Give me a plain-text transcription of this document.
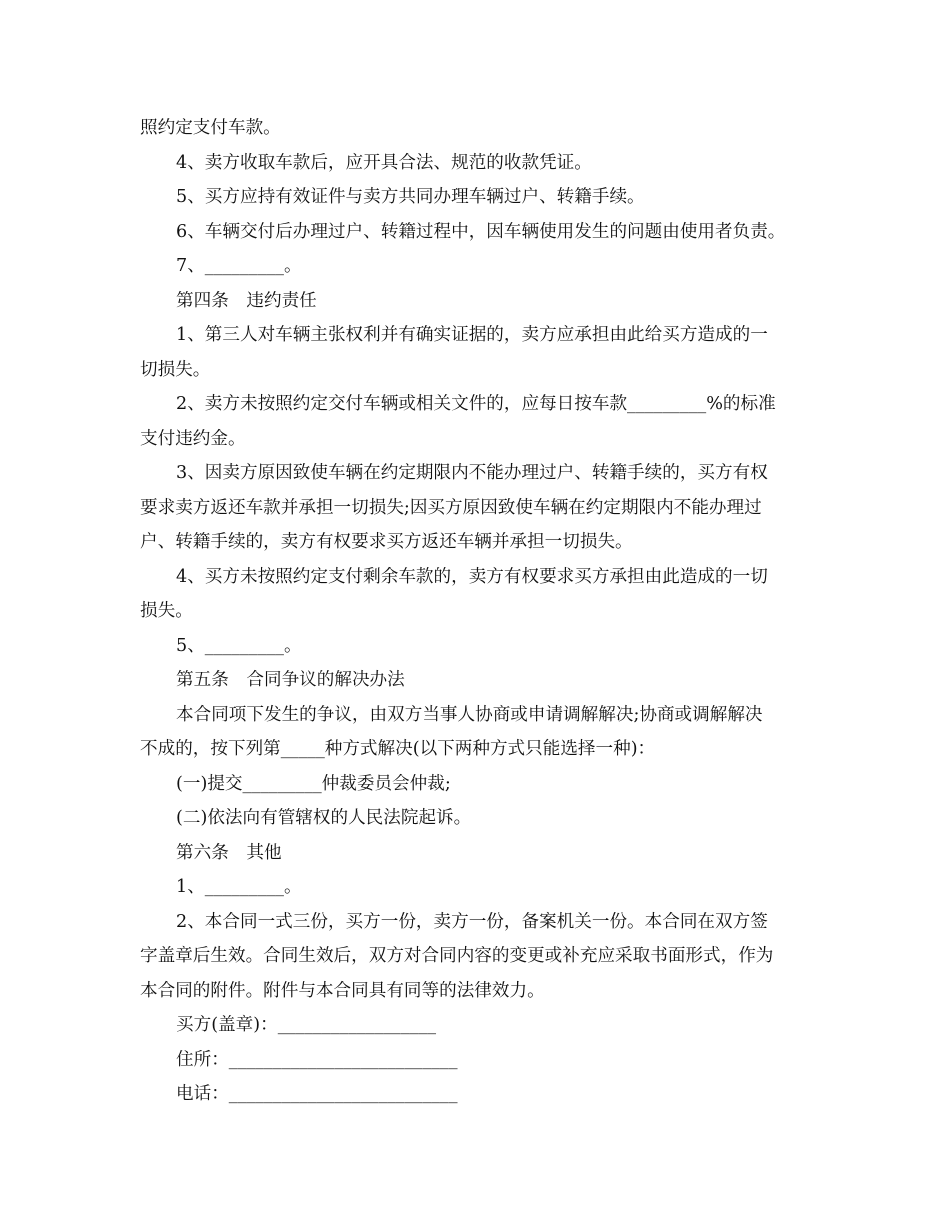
照约定支付车款。
4、卖方收取车款后，应开具合法、规范的收款凭证。
5、买方应持有效证件与卖方共同办理车辆过户、转籍手续。
6、车辆交付后办理过户、转籍过程中，因车辆使用发生的问题由使用者负责。
7、_________。
第四条　违约责任
1、第三人对车辆主张权利并有确实证据的，卖方应承担由此给买方造成的一
切损失。
2、卖方未按照约定交付车辆或相关文件的，应每日按车款_________%的标准
支付违约金。
3、因卖方原因致使车辆在约定期限内不能办理过户、转籍手续的，买方有权
要求卖方返还车款并承担一切损失;因买方原因致使车辆在约定期限内不能办理过
户、转籍手续的，卖方有权要求买方返还车辆并承担一切损失。
4、买方未按照约定支付剩余车款的，卖方有权要求买方承担由此造成的一切
损失。
5、_________。
第五条　合同争议的解决办法
本合同项下发生的争议，由双方当事人协商或申请调解解决;协商或调解解决
不成的，按下列第_____种方式解决(以下两种方式只能选择一种)：
(一)提交_________仲裁委员会仲裁;
(二)依法向有管辖权的人民法院起诉。
第六条　其他
1、_________。
2、本合同一式三份，买方一份，卖方一份，备案机关一份。本合同在双方签
字盖章后生效。合同生效后，双方对合同内容的变更或补充应采取书面形式，作为
本合同的附件。附件与本合同具有同等的法律效力。
买方(盖章)：__________________
住所：__________________________
电话：__________________________
